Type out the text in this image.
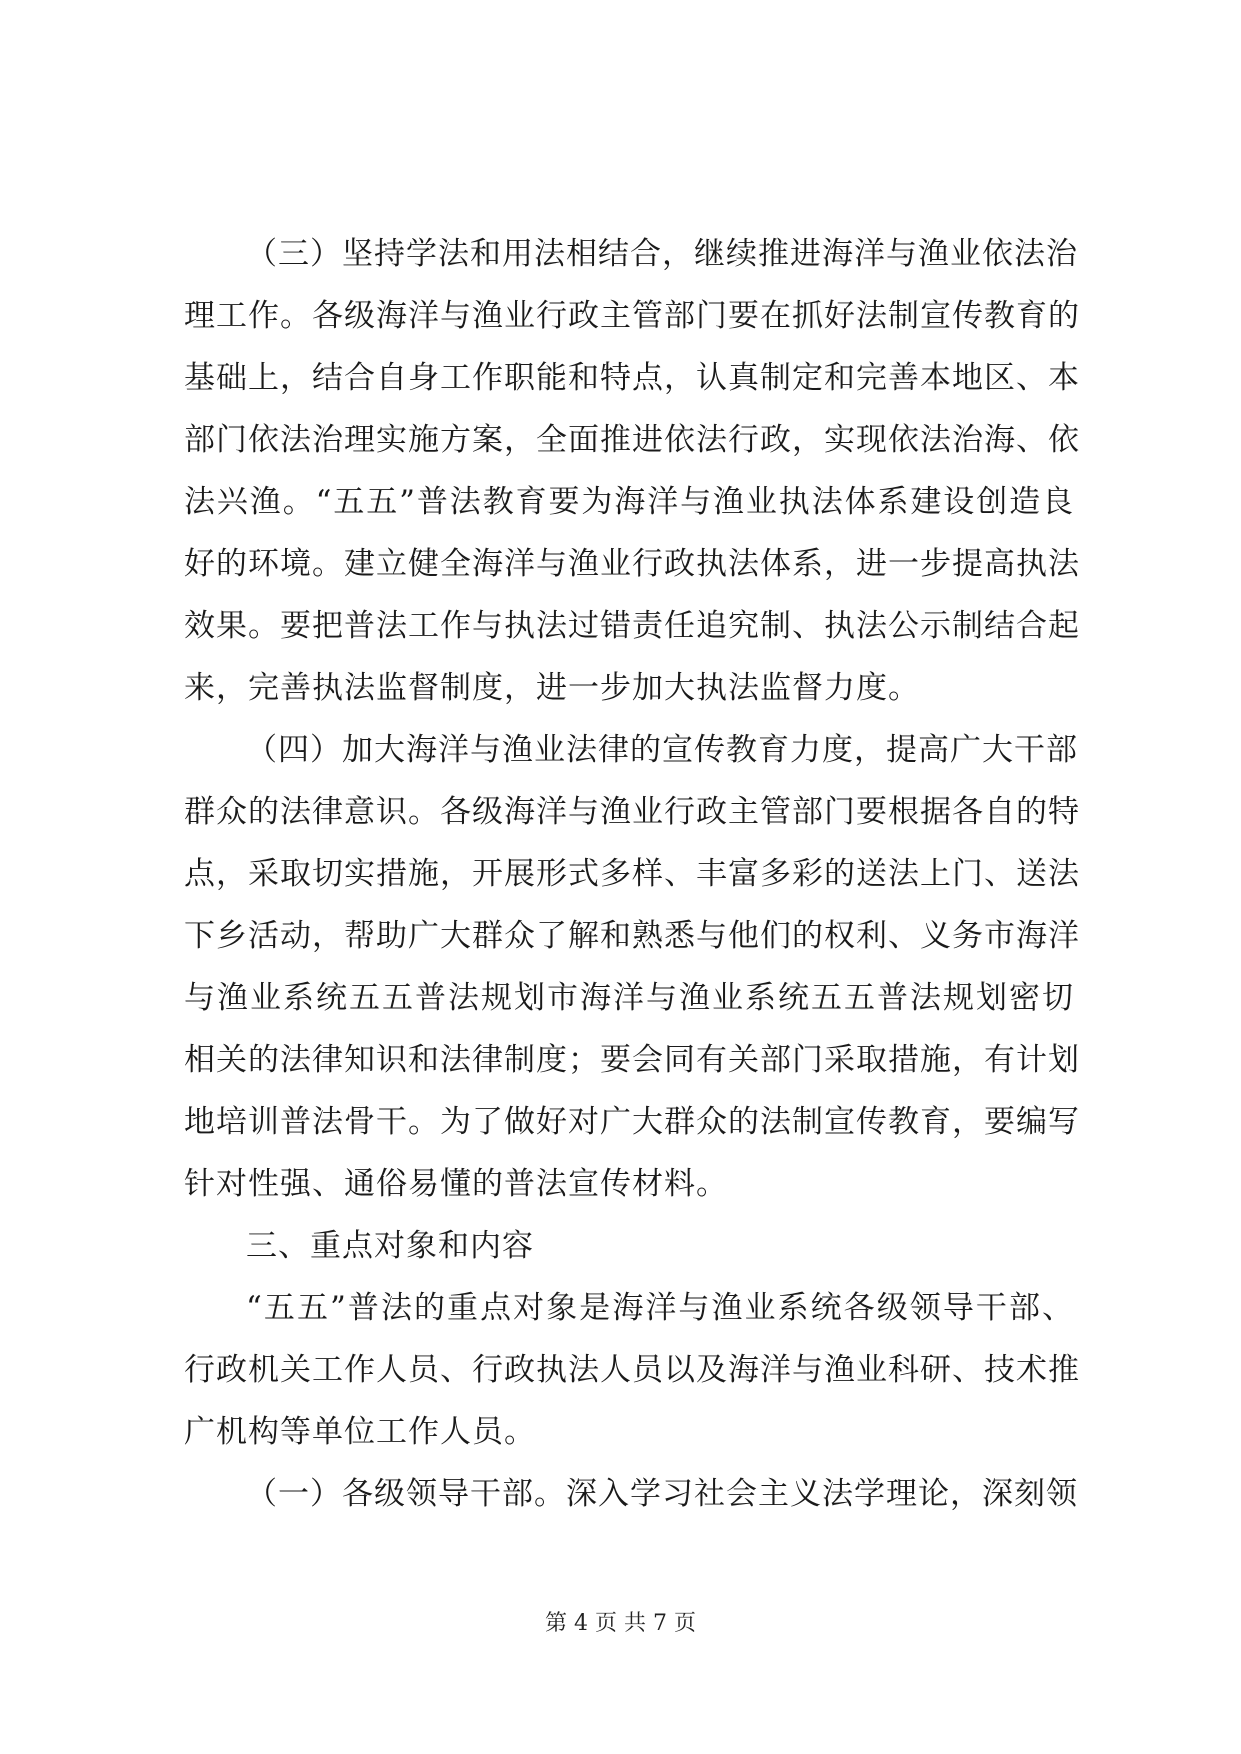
（三）坚持学法和用法相结合，继续推进海洋与渔业依法治
理工作。各级海洋与渔业行政主管部门要在抓好法制宣传教育的
基础上，结合自身工作职能和特点，认真制定和完善本地区、本
部门依法治理实施方案，全面推进依法行政，实现依法治海、依
法兴渔。“五五”普法教育要为海洋与渔业执法体系建设创造良
好的环境。建立健全海洋与渔业行政执法体系，进一步提高执法
效果。要把普法工作与执法过错责任追究制、执法公示制结合起
来，完善执法监督制度，进一步加大执法监督力度。
（四）加大海洋与渔业法律的宣传教育力度，提高广大干部
群众的法律意识。各级海洋与渔业行政主管部门要根据各自的特
点，采取切实措施，开展形式多样、丰富多彩的送法上门、送法
下乡活动，帮助广大群众了解和熟悉与他们的权利、义务市海洋
与渔业系统五五普法规划市海洋与渔业系统五五普法规划密切
相关的法律知识和法律制度；要会同有关部门采取措施，有计划
地培训普法骨干。为了做好对广大群众的法制宣传教育，要编写
针对性强、通俗易懂的普法宣传材料。
三、重点对象和内容
“五五”普法的重点对象是海洋与渔业系统各级领导干部、
行政机关工作人员、行政执法人员以及海洋与渔业科研、技术推
广机构等单位工作人员。
（一）各级领导干部。深入学习社会主义法学理论，深刻领
第 4 页 共 7 页
